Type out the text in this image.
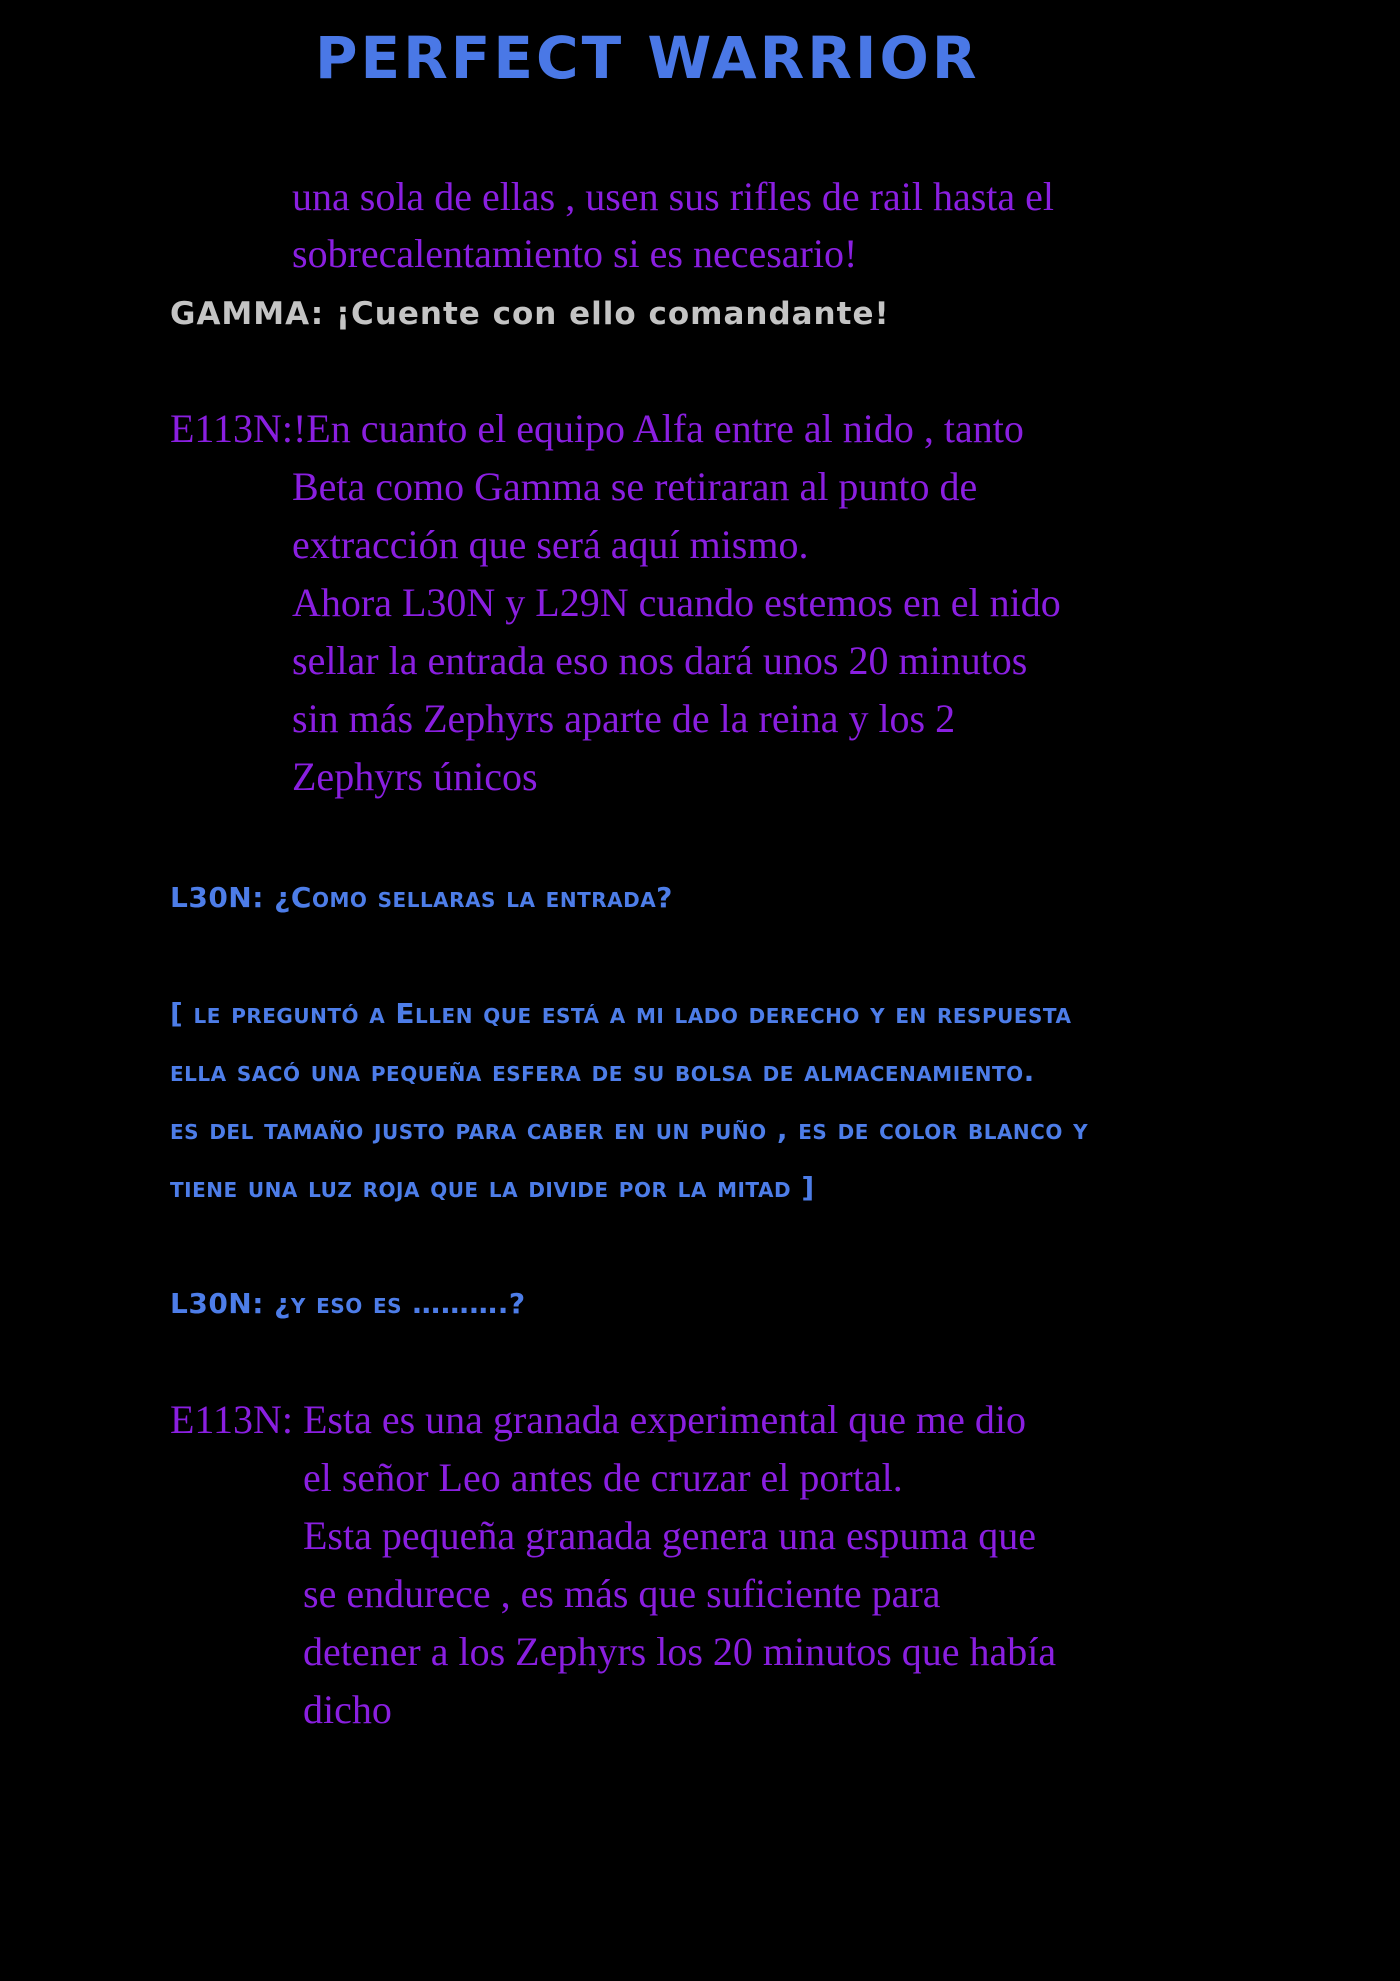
PERFECT WARRIOR
una sola de ellas , usen sus rifles de rail hasta el
sobrecalentamiento si es necesario!
GAMMA: ¡Cuente con ello comandante!
E113N:!En cuanto el equipo Alfa entre al nido , tanto
Beta como Gamma se retiraran al punto de
extracción que será aquí mismo.
Ahora L30N y L29N cuando estemos en el nido
sellar la entrada eso nos dará unos 20 minutos
sin más Zephyrs aparte de la reina y los 2
Zephyrs únicos
L30N: ¿Como sellaras la entrada?
[ le preguntó a Ellen que está a mi lado derecho y en respuesta
ella sacó una pequeña esfera de su bolsa de almacenamiento.
es del tamaño justo para caber en un puño , es de color blanco y
tiene una luz roja que la divide por la mitad ]
L30N: ¿y eso es ……….?
E113N: Esta es una granada experimental que me dio
el señor Leo antes de cruzar el portal.
Esta pequeña granada genera una espuma que
se endurece , es más que suficiente para
detener a los Zephyrs los 20 minutos que había
dicho
